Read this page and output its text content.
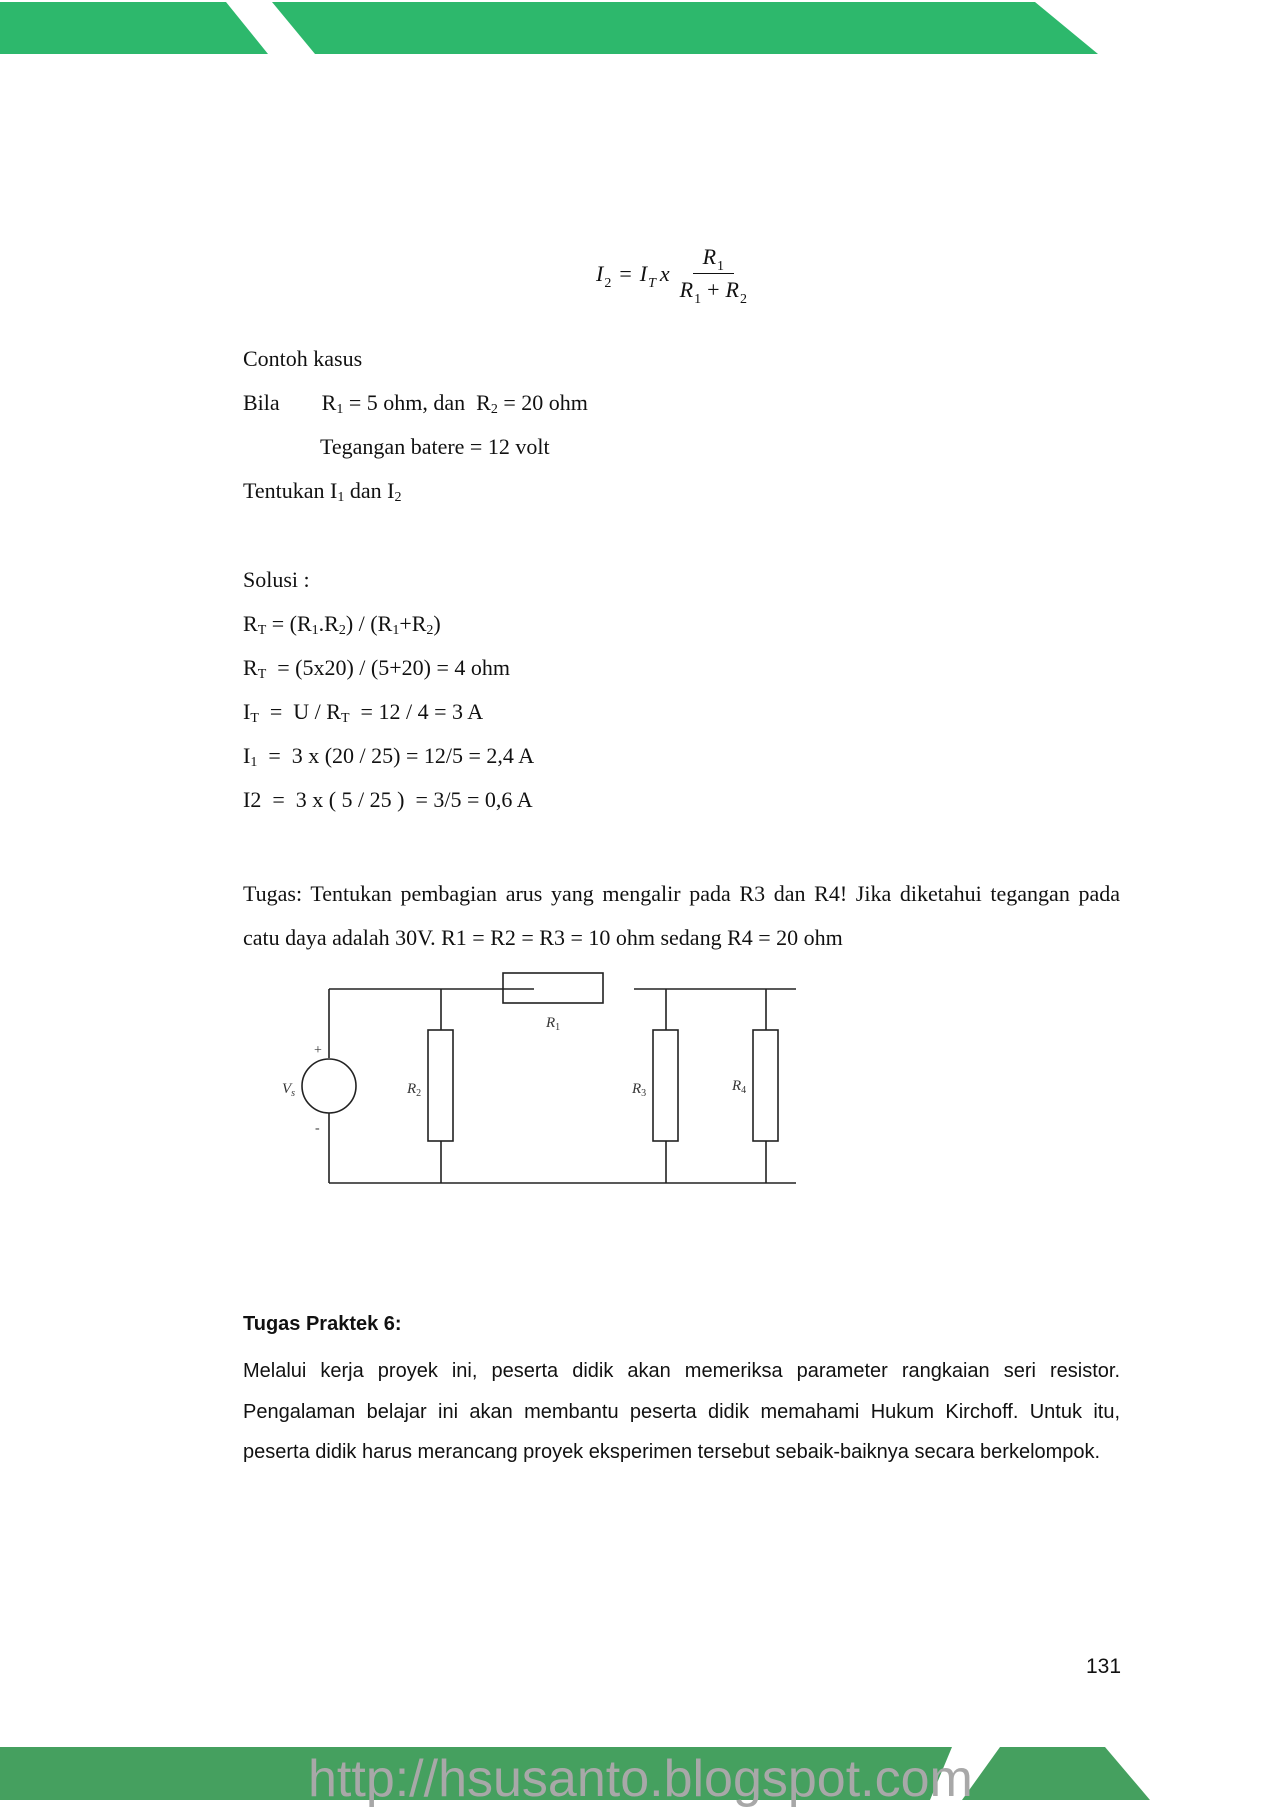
$I_2 = I_T$ x $\frac{R_1}{R_1 + R_2}$
Contoh kasus
Bila $R_1 = 5$ ohm, dan  $R_2 = 20$ ohm
Tegangan batere = 12 volt
Tentukan $I_1$ dan $I_2$
Solusi :
$R_T = (R_1.R_2) / (R_1+R_2)$
$R_T = (5x20) / (5+20) = 4$ ohm
$I_T = U / R_T = 12 / 4 = 3$ A
$I_1 = 3$ x (20 / 25) = 12/5 = 2,4 A
I2  =  3 x ( 5 / 25 )  = 3/5 = 0,6 A
Tugas: Tentukan pembagian arus yang mengalir pada R3 dan R4! Jika diketahui tegangan pada catu daya adalah 30V. R1 = R2 = R3 = 10 ohm sedang R4 = 20 ohm
$R_1$
$R_2$	$R_3$	$R_4$
$V_s$
+
-
Tugas Praktek 6:
Melalui kerja proyek ini, peserta didik akan memeriksa parameter rangkaian seri resistor. Pengalaman belajar ini akan membantu peserta didik memahami Hukum Kirchoff. Untuk itu, peserta didik harus merancang proyek eksperimen tersebut sebaik-baiknya secara berkelompok.
131
http://hsusanto.blogspot.com
